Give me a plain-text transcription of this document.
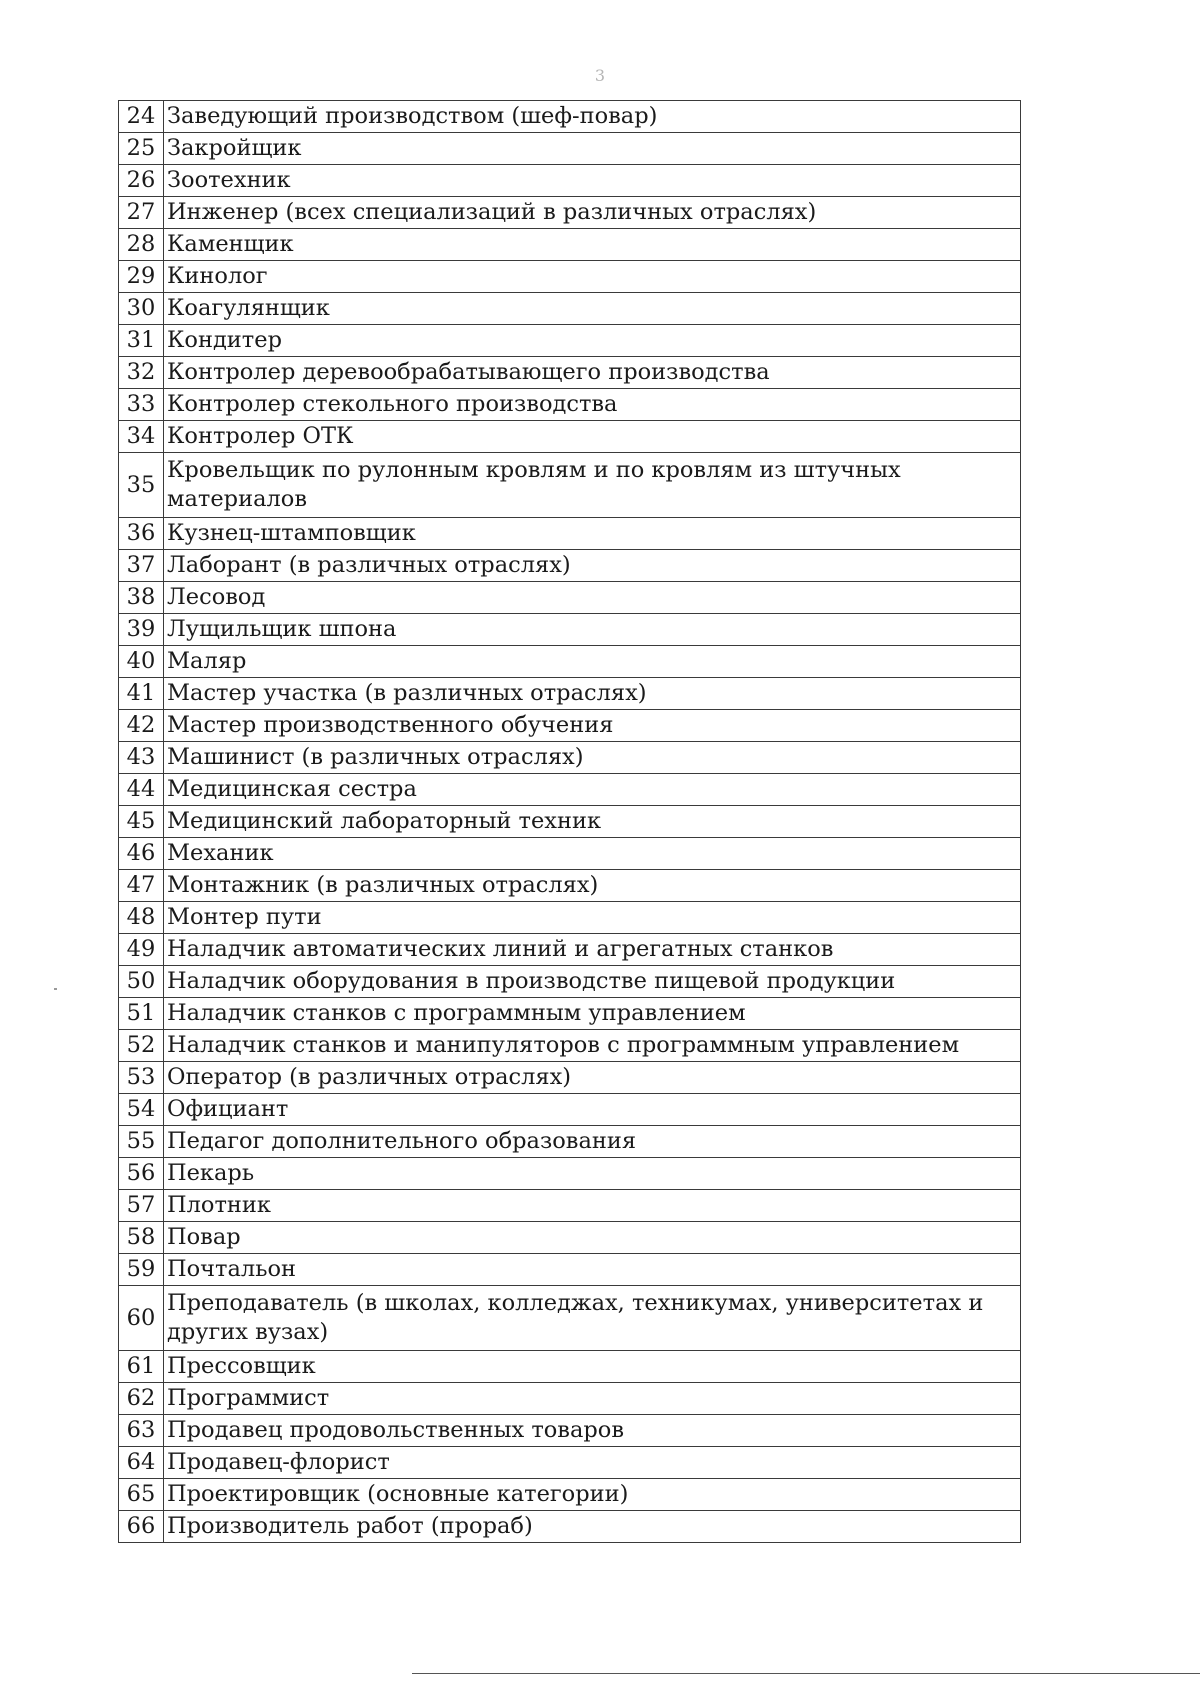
3
24	Заведующий производством (шеф-повар)
25	Закройщик
26	Зоотехник
27	Инженер (всех специализаций в различных отраслях)
28	Каменщик
29	Кинолог
30	Коагулянщик
31	Кондитер
32	Контролер деревообрабатывающего производства
33	Контролер стекольного производства
34	Контролер ОТК
35	Кровельщик по рулонным кровлям и по кровлям из штучных материалов
36	Кузнец-штамповщик
37	Лаборант (в различных отраслях)
38	Лесовод
39	Лущильщик шпона
40	Маляр
41	Мастер участка (в различных отраслях)
42	Мастер производственного обучения
43	Машинист (в различных отраслях)
44	Медицинская сестра
45	Медицинский лабораторный техник
46	Механик
47	Монтажник (в различных отраслях)
48	Монтер пути
49	Наладчик автоматических линий и агрегатных станков
50	Наладчик оборудования в производстве пищевой продукции
51	Наладчик станков с программным управлением
52	Наладчик станков и манипуляторов с программным управлением
53	Оператор (в различных отраслях)
54	Официант
55	Педагог дополнительного образования
56	Пекарь
57	Плотник
58	Повар
59	Почтальон
60	Преподаватель (в школах, колледжах, техникумах, университетах и других вузах)
61	Прессовщик
62	Программист
63	Продавец продовольственных товаров
64	Продавец-флорист
65	Проектировщик (основные категории)
66	Производитель работ (прораб)
